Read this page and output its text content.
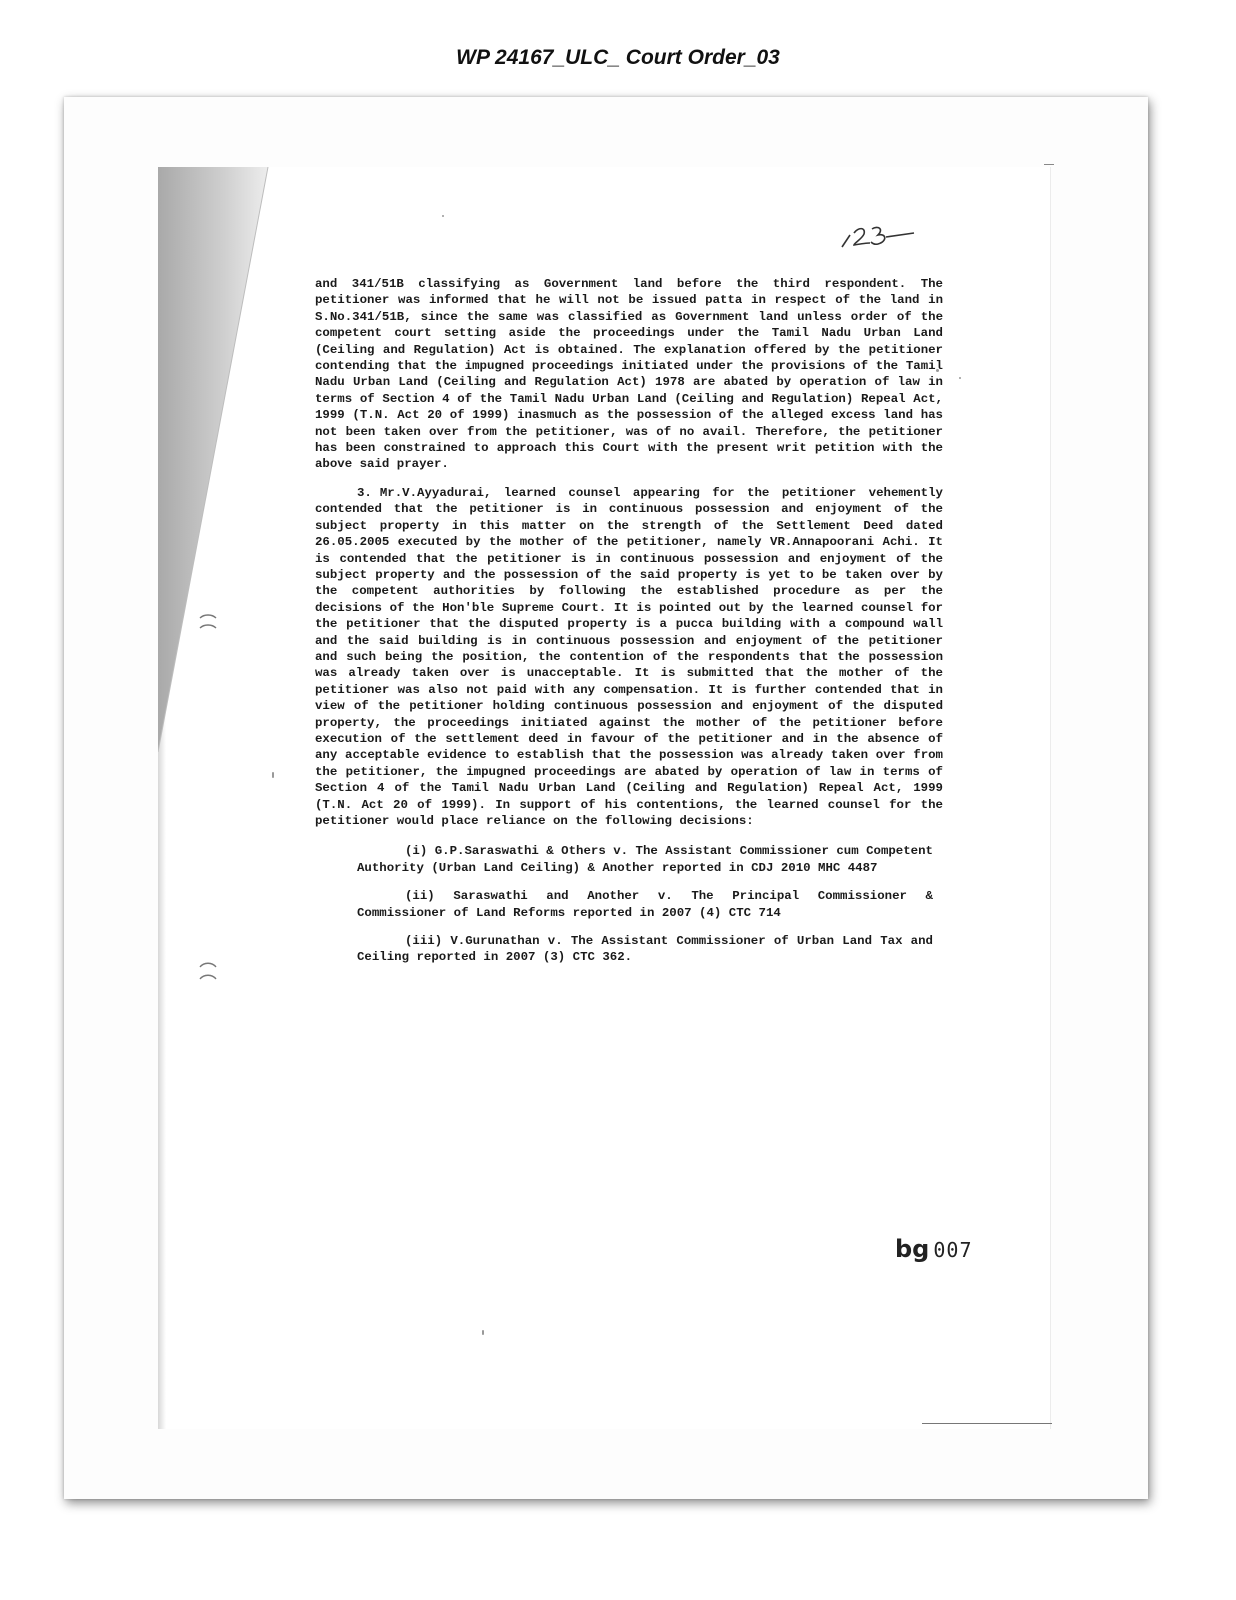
WP 24167_ULC_ Court Order_03

and 341/51B classifying as Government land before the third respondent. The petitioner was informed that he will not be issued patta in respect of the land in S.No.341/51B, since the same was classified as Government land unless order of the competent court setting aside the proceedings under the Tamil Nadu Urban Land (Ceiling and Regulation) Act is obtained. The explanation offered by the petitioner contending that the impugned proceedings initiated under the provisions of the Tamil Nadu Urban Land (Ceiling and Regulation Act) 1978 are abated by operation of law in terms of Section 4 of the Tamil Nadu Urban Land (Ceiling and Regulation) Repeal Act, 1999 (T.N. Act 20 of 1999) inasmuch as the possession of the alleged excess land has not been taken over from the petitioner, was of no avail. Therefore, the petitioner has been constrained to approach this Court with the present writ petition with the above said prayer.

3. Mr.V.Ayyadurai, learned counsel appearing for the petitioner vehemently contended that the petitioner is in continuous possession and enjoyment of the subject property in this matter on the strength of the Settlement Deed dated 26.05.2005 executed by the mother of the petitioner, namely VR.Annapoorani Achi. It is contended that the petitioner is in continuous possession and enjoyment of the subject property and the possession of the said property is yet to be taken over by the competent authorities by following the established procedure as per the decisions of the Hon'ble Supreme Court. It is pointed out by the learned counsel for the petitioner that the disputed property is a pucca building with a compound wall and the said building is in continuous possession and enjoyment of the petitioner and such being the position, the contention of the respondents that the possession was already taken over is unacceptable. It is submitted that the mother of the petitioner was also not paid with any compensation. It is further contended that in view of the petitioner holding continuous possession and enjoyment of the disputed property, the proceedings initiated against the mother of the petitioner before execution of the settlement deed in favour of the petitioner and in the absence of any acceptable evidence to establish that the possession was already taken over from the petitioner, the impugned proceedings are abated by operation of law in terms of Section 4 of the Tamil Nadu Urban Land (Ceiling and Regulation) Repeal Act, 1999 (T.N. Act 20 of 1999). In support of his contentions, the learned counsel for the petitioner would place reliance on the following decisions:

(i) G.P.Saraswathi & Others v. The Assistant Commissioner cum Competent Authority (Urban Land Ceiling) & Another reported in CDJ 2010 MHC 4487

(ii) Saraswathi and Another v. The Principal Commissioner & Commissioner of Land Reforms reported in 2007 (4) CTC 714

(iii) V.Gurunathan v. The Assistant Commissioner of Urban Land Tax and Ceiling reported in 2007 (3) CTC 362.

bg 007
